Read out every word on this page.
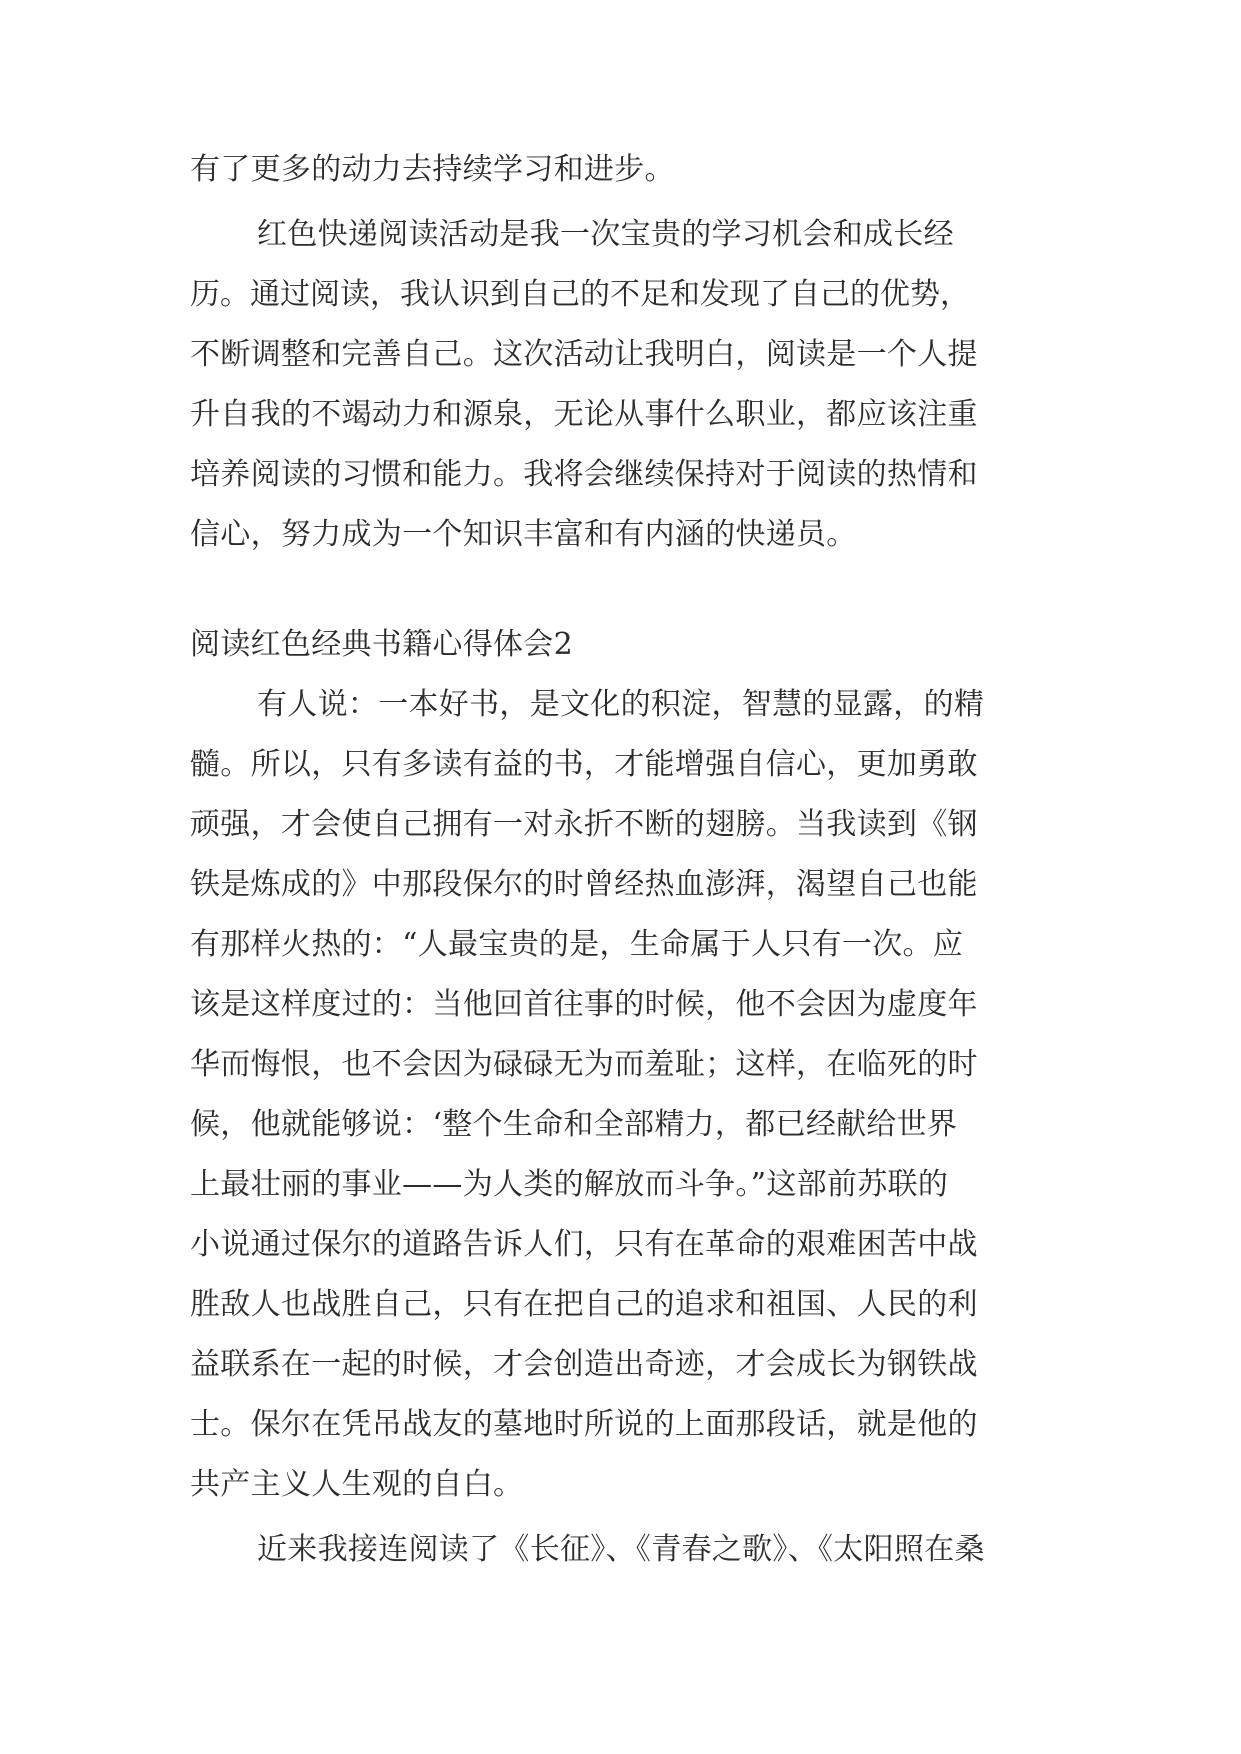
有了更多的动力去持续学习和进步。
红色快递阅读活动是我一次宝贵的学习机会和成长经
历。通过阅读，我认识到自己的不足和发现了自己的优势，
不断调整和完善自己。这次活动让我明白，阅读是一个人提
升自我的不竭动力和源泉，无论从事什么职业，都应该注重
培养阅读的习惯和能力。我将会继续保持对于阅读的热情和
信心，努力成为一个知识丰富和有内涵的快递员。
阅读红色经典书籍心得体会2
有人说：一本好书，是文化的积淀，智慧的显露，的精
髓。所以，只有多读有益的书，才能增强自信心，更加勇敢
顽强，才会使自己拥有一对永折不断的翅膀。当我读到《钢
铁是炼成的》中那段保尔的时曾经热血澎湃，渴望自己也能
有那样火热的：“人最宝贵的是，生命属于人只有一次。应
该是这样度过的：当他回首往事的时候，他不会因为虚度年
华而悔恨，也不会因为碌碌无为而羞耻；这样，在临死的时
候，他就能够说：‘整个生命和全部精力，都已经献给世界
上最壮丽的事业——为人类的解放而斗争。”这部前苏联的
小说通过保尔的道路告诉人们，只有在革命的艰难困苦中战
胜敌人也战胜自己，只有在把自己的追求和祖国、人民的利
益联系在一起的时候，才会创造出奇迹，才会成长为钢铁战
士。保尔在凭吊战友的墓地时所说的上面那段话，就是他的
共产主义人生观的自白。
近来我接连阅读了《长征》、《青春之歌》、《太阳照在桑
